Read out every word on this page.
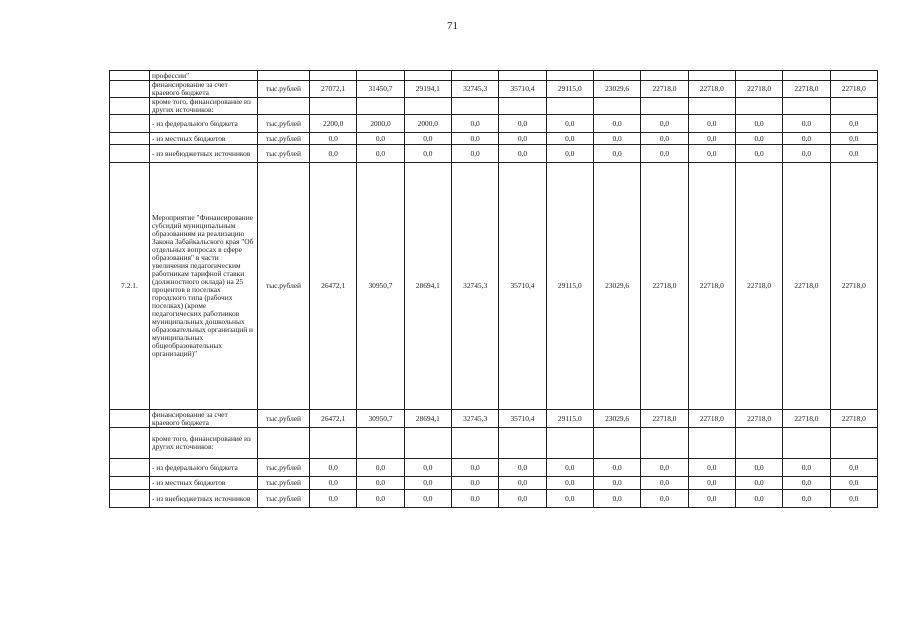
71
	профессии"													
	финансирование за счет краевого бюджета	тыс.рублей	27072,1	31450,7	29194,1	32745,3	35710,4	29115,0	23029,6	22718,0	22718,0	22718,0	22718,0	22718,0
	кроме того, финансирование из других источников:													
	- из федерального бюджета	тыс.рублей	2200,0	2000,0	2000,0	0,0	0,0	0,0	0,0	0,0	0,0	0,0	0,0	0,0
	- из местных бюджетов	тыс.рублей	0,0	0,0	0,0	0,0	0,0	0,0	0,0	0,0	0,0	0,0	0,0	0,0
	- из внебюджетных источников	тыс.рублей	0,0	0,0	0,0	0,0	0,0	0,0	0,0	0,0	0,0	0,0	0,0	0,0
7.2.1.	Мероприятие "Финансирование субсидий муниципальным образованиям на реализацию Закона Забайкальского края "Об отдельных вопросах в сфере образования" в части увеличения педагогическим работникам тарифной ставки (должностного оклада) на 25 процентов в поселках городского типа (рабочих поселках) (кроме педагогических работников муниципальных дошкольных образовательных организаций и муниципальных общеобразовательных организаций)"	тыс.рублей	26472,1	30950,7	28694,1	32745,3	35710,4	29115,0	23029,6	22718,0	22718,0	22718,0	22718,0	22718,0
	финансирование за счет краевого бюджета	тыс.рублей	26472,1	30950,7	28694,1	32745,3	35710,4	29115,0	23029,6	22718,0	22718,0	22718,0	22718,0	22718,0
	кроме того, финансирование из других источников:													
	- из федерального бюджета	тыс.рублей	0,0	0,0	0,0	0,0	0,0	0,0	0,0	0,0	0,0	0,0	0,0	0,0
	- из местных бюджетов	тыс.рублей	0,0	0,0	0,0	0,0	0,0	0,0	0,0	0,0	0,0	0,0	0,0	0,0
	- из внебюджетных источников	тыс.рублей	0,0	0,0	0,0	0,0	0,0	0,0	0,0	0,0	0,0	0,0	0,0	0,0
